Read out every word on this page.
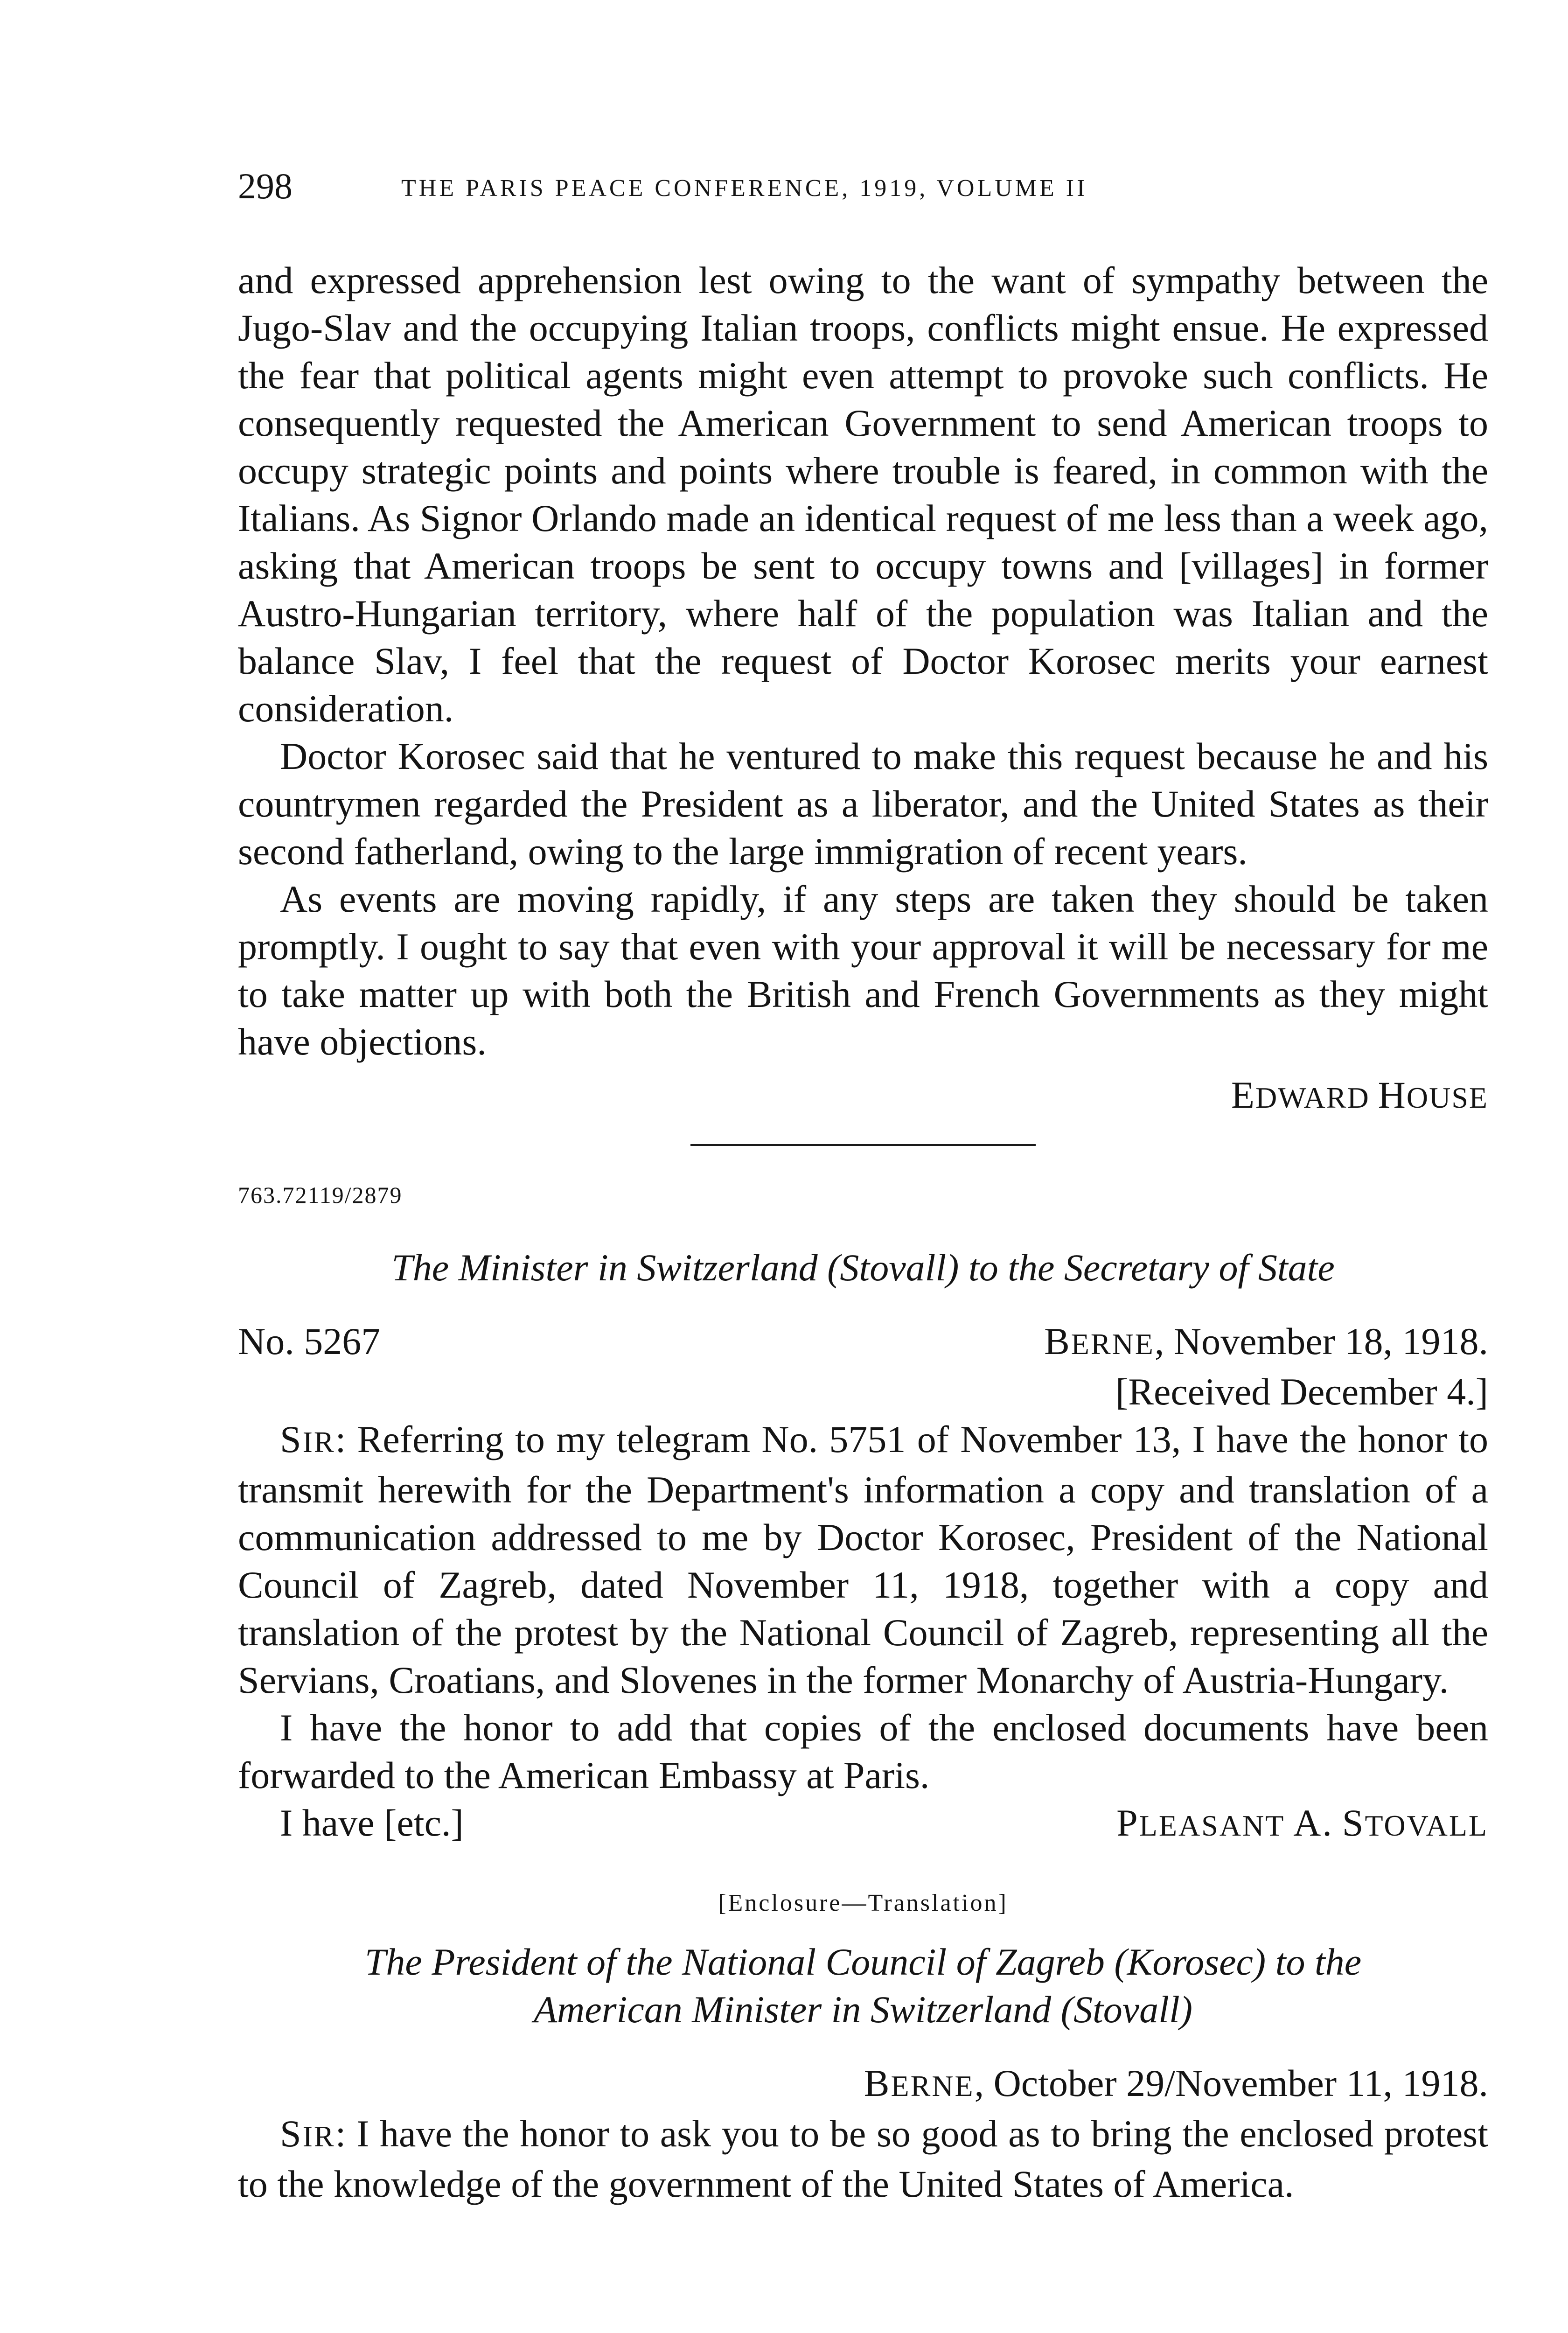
298	THE PARIS PEACE CONFERENCE, 1919, VOLUME II

and expressed apprehension lest owing to the want of sympathy between the Jugo-Slav and the occupying Italian troops, conflicts might ensue. He expressed the fear that political agents might even attempt to provoke such conflicts. He consequently requested the American Government to send American troops to occupy strategic points and points where trouble is feared, in common with the Italians. As Signor Orlando made an identical request of me less than a week ago, asking that American troops be sent to occupy towns and [villages] in former Austro-Hungarian territory, where half of the population was Italian and the balance Slav, I feel that the request of Doctor Korosec merits your earnest consideration.

Doctor Korosec said that he ventured to make this request because he and his countrymen regarded the President as a liberator, and the United States as their second fatherland, owing to the large immigration of recent years.

As events are moving rapidly, if any steps are taken they should be taken promptly. I ought to say that even with your approval it will be necessary for me to take matter up with both the British and French Governments as they might have objections.

EDWARD HOUSE
763.72119/2879
The Minister in Switzerland (Stovall) to the Secretary of State
No. 5267	BERNE, November 18, 1918.
[Received December 4.]

SIR: Referring to my telegram No. 5751 of November 13, I have the honor to transmit herewith for the Department's information a copy and translation of a communication addressed to me by Doctor Korosec, President of the National Council of Zagreb, dated November 11, 1918, together with a copy and translation of the protest by the National Council of Zagreb, representing all the Servians, Croatians, and Slovenes in the former Monarchy of Austria-Hungary.

I have the honor to add that copies of the enclosed documents have been forwarded to the American Embassy at Paris.

I have [etc.]	PLEASANT A. STOVALL
[Enclosure—Translation]
The President of the National Council of Zagreb (Korosec) to the American Minister in Switzerland (Stovall)
BERNE, October 29/November 11, 1918.

SIR: I have the honor to ask you to be so good as to bring the enclosed protest to the knowledge of the government of the United States of America.
